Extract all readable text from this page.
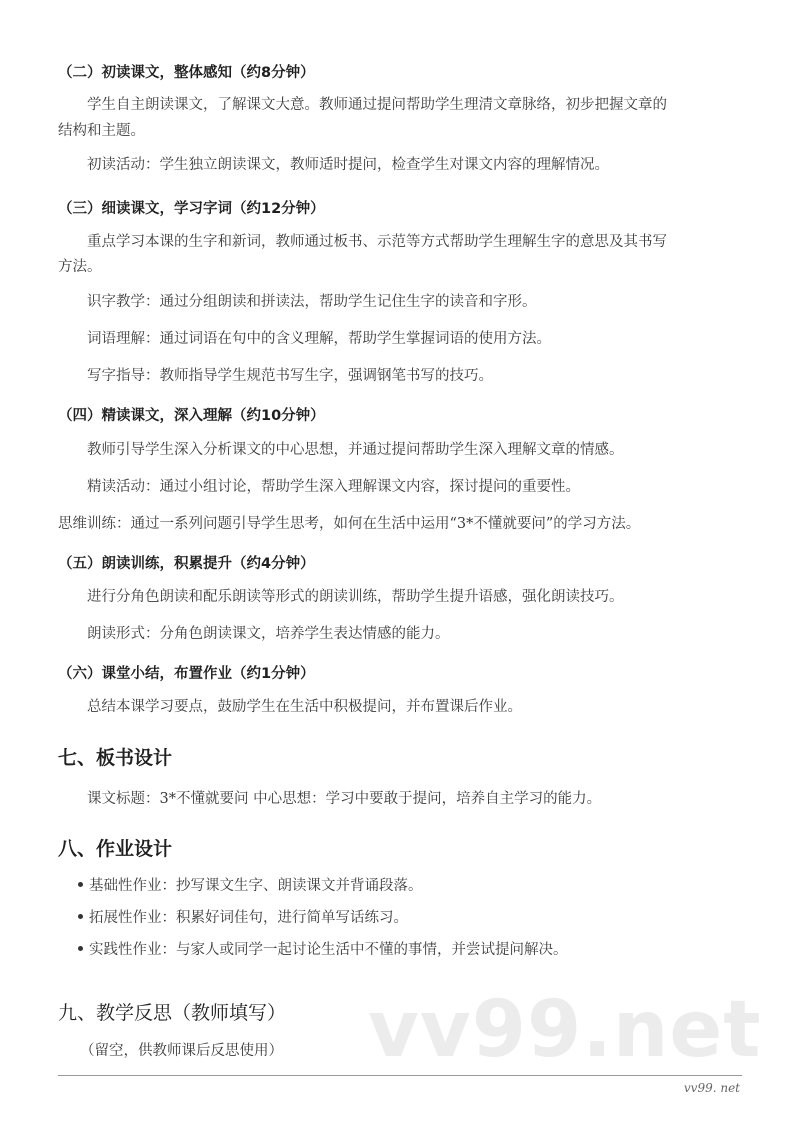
（二）初读课文，整体感知（约8分钟）
学生自主朗读课文，了解课文大意。教师通过提问帮助学生理清文章脉络，初步把握文章的
结构和主题。
初读活动：学生独立朗读课文，教师适时提问，检查学生对课文内容的理解情况。
（三）细读课文，学习字词（约12分钟）
重点学习本课的生字和新词，教师通过板书、示范等方式帮助学生理解生字的意思及其书写
方法。
识字教学：通过分组朗读和拼读法，帮助学生记住生字的读音和字形。
词语理解：通过词语在句中的含义理解，帮助学生掌握词语的使用方法。
写字指导：教师指导学生规范书写生字，强调钢笔书写的技巧。
（四）精读课文，深入理解（约10分钟）
教师引导学生深入分析课文的中心思想，并通过提问帮助学生深入理解文章的情感。
精读活动：通过小组讨论，帮助学生深入理解课文内容，探讨提问的重要性。
思维训练：通过一系列问题引导学生思考，如何在生活中运用“3*不懂就要问”的学习方法。
（五）朗读训练，积累提升（约4分钟）
进行分角色朗读和配乐朗读等形式的朗读训练，帮助学生提升语感，强化朗读技巧。
朗读形式：分角色朗读课文，培养学生表达情感的能力。
（六）课堂小结，布置作业（约1分钟）
总结本课学习要点，鼓励学生在生活中积极提问，并布置课后作业。
七、板书设计
课文标题：3*不懂就要问 中心思想：学习中要敢于提问，培养自主学习的能力。
八、作业设计
基础性作业：抄写课文生字、朗读课文并背诵段落。
拓展性作业：积累好词佳句，进行简单写话练习。
实践性作业：与家人或同学一起讨论生活中不懂的事情，并尝试提问解决。
vv99.net
九、教学反思（教师填写）
（留空，供教师课后反思使用）
vv99. net
